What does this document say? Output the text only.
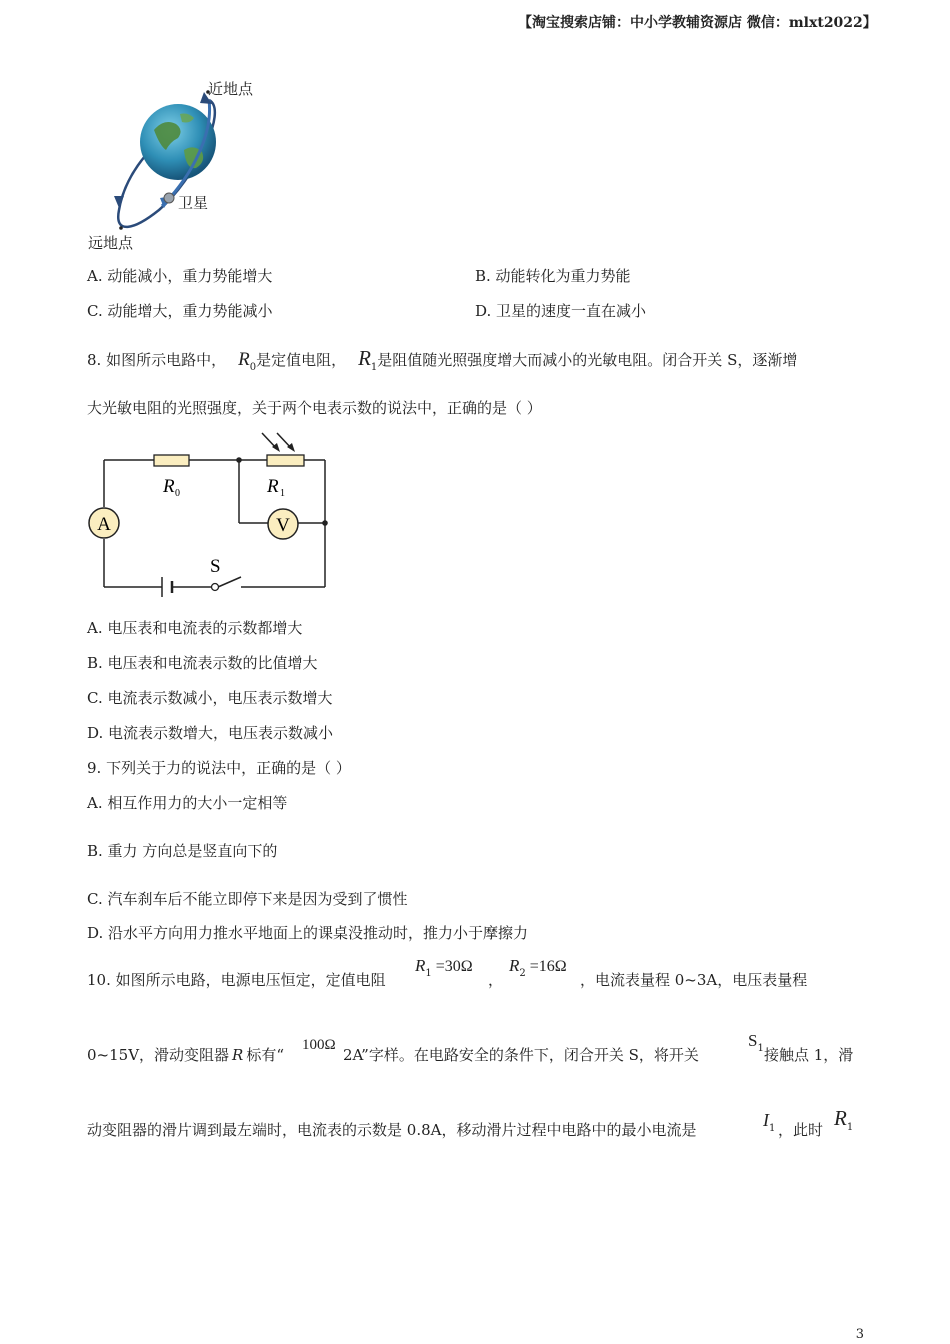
【淘宝搜索店铺：中小学教辅资源店 微信：mlxt2022】
近地点
卫星
远地点
A. 动能减小，重力势能增大	B. 动能转化为重力势能
C. 动能增大，重力势能减小	D. 卫星的速度一直在减小
8. 如图所示电路中， $R_0$是定值电阻， $R_1$是阻值随光照强度增大而减小的光敏电阻。闭合开关 S，逐渐增
大光敏电阻的光照强度，关于两个电表示数的说法中，正确的是（ ）
A	V
R 0	R 1
S
A. 电压表和电流表的示数都增大
B. 电压表和电流表示数的比值增大
C. 电流表示数减小，电压表示数增大
D. 电流表示数增大，电压表示数减小
9. 下列关于力的说法中，正确的是（ ）
A. 相互作用力的大小一定相等
B. 重力 方向总是竖直向下的
C. 汽车刹车后不能立即停下来是因为受到了惯性
D. 沿水平方向用力推水平地面上的课桌没推动时，推力小于摩擦力
10. 如图所示电路，电源电压恒定，定值电阻
$R_1 =30\Omega$
，
$R_2 =16\Omega$
，电流表量程 0~3A，电压表量程
0~15V，滑动变阻器 R 标有“
100Ω
2A”字样。在电路安全的条件下，闭合开关 S，将开关
$S_1$ 接触点 1，滑
动变阻器的滑片调到最左端时，电流表的示数是 0.8A，移动滑片过程中电路中的最小电流是	$I_1$ ，此时 $R_1$
3
